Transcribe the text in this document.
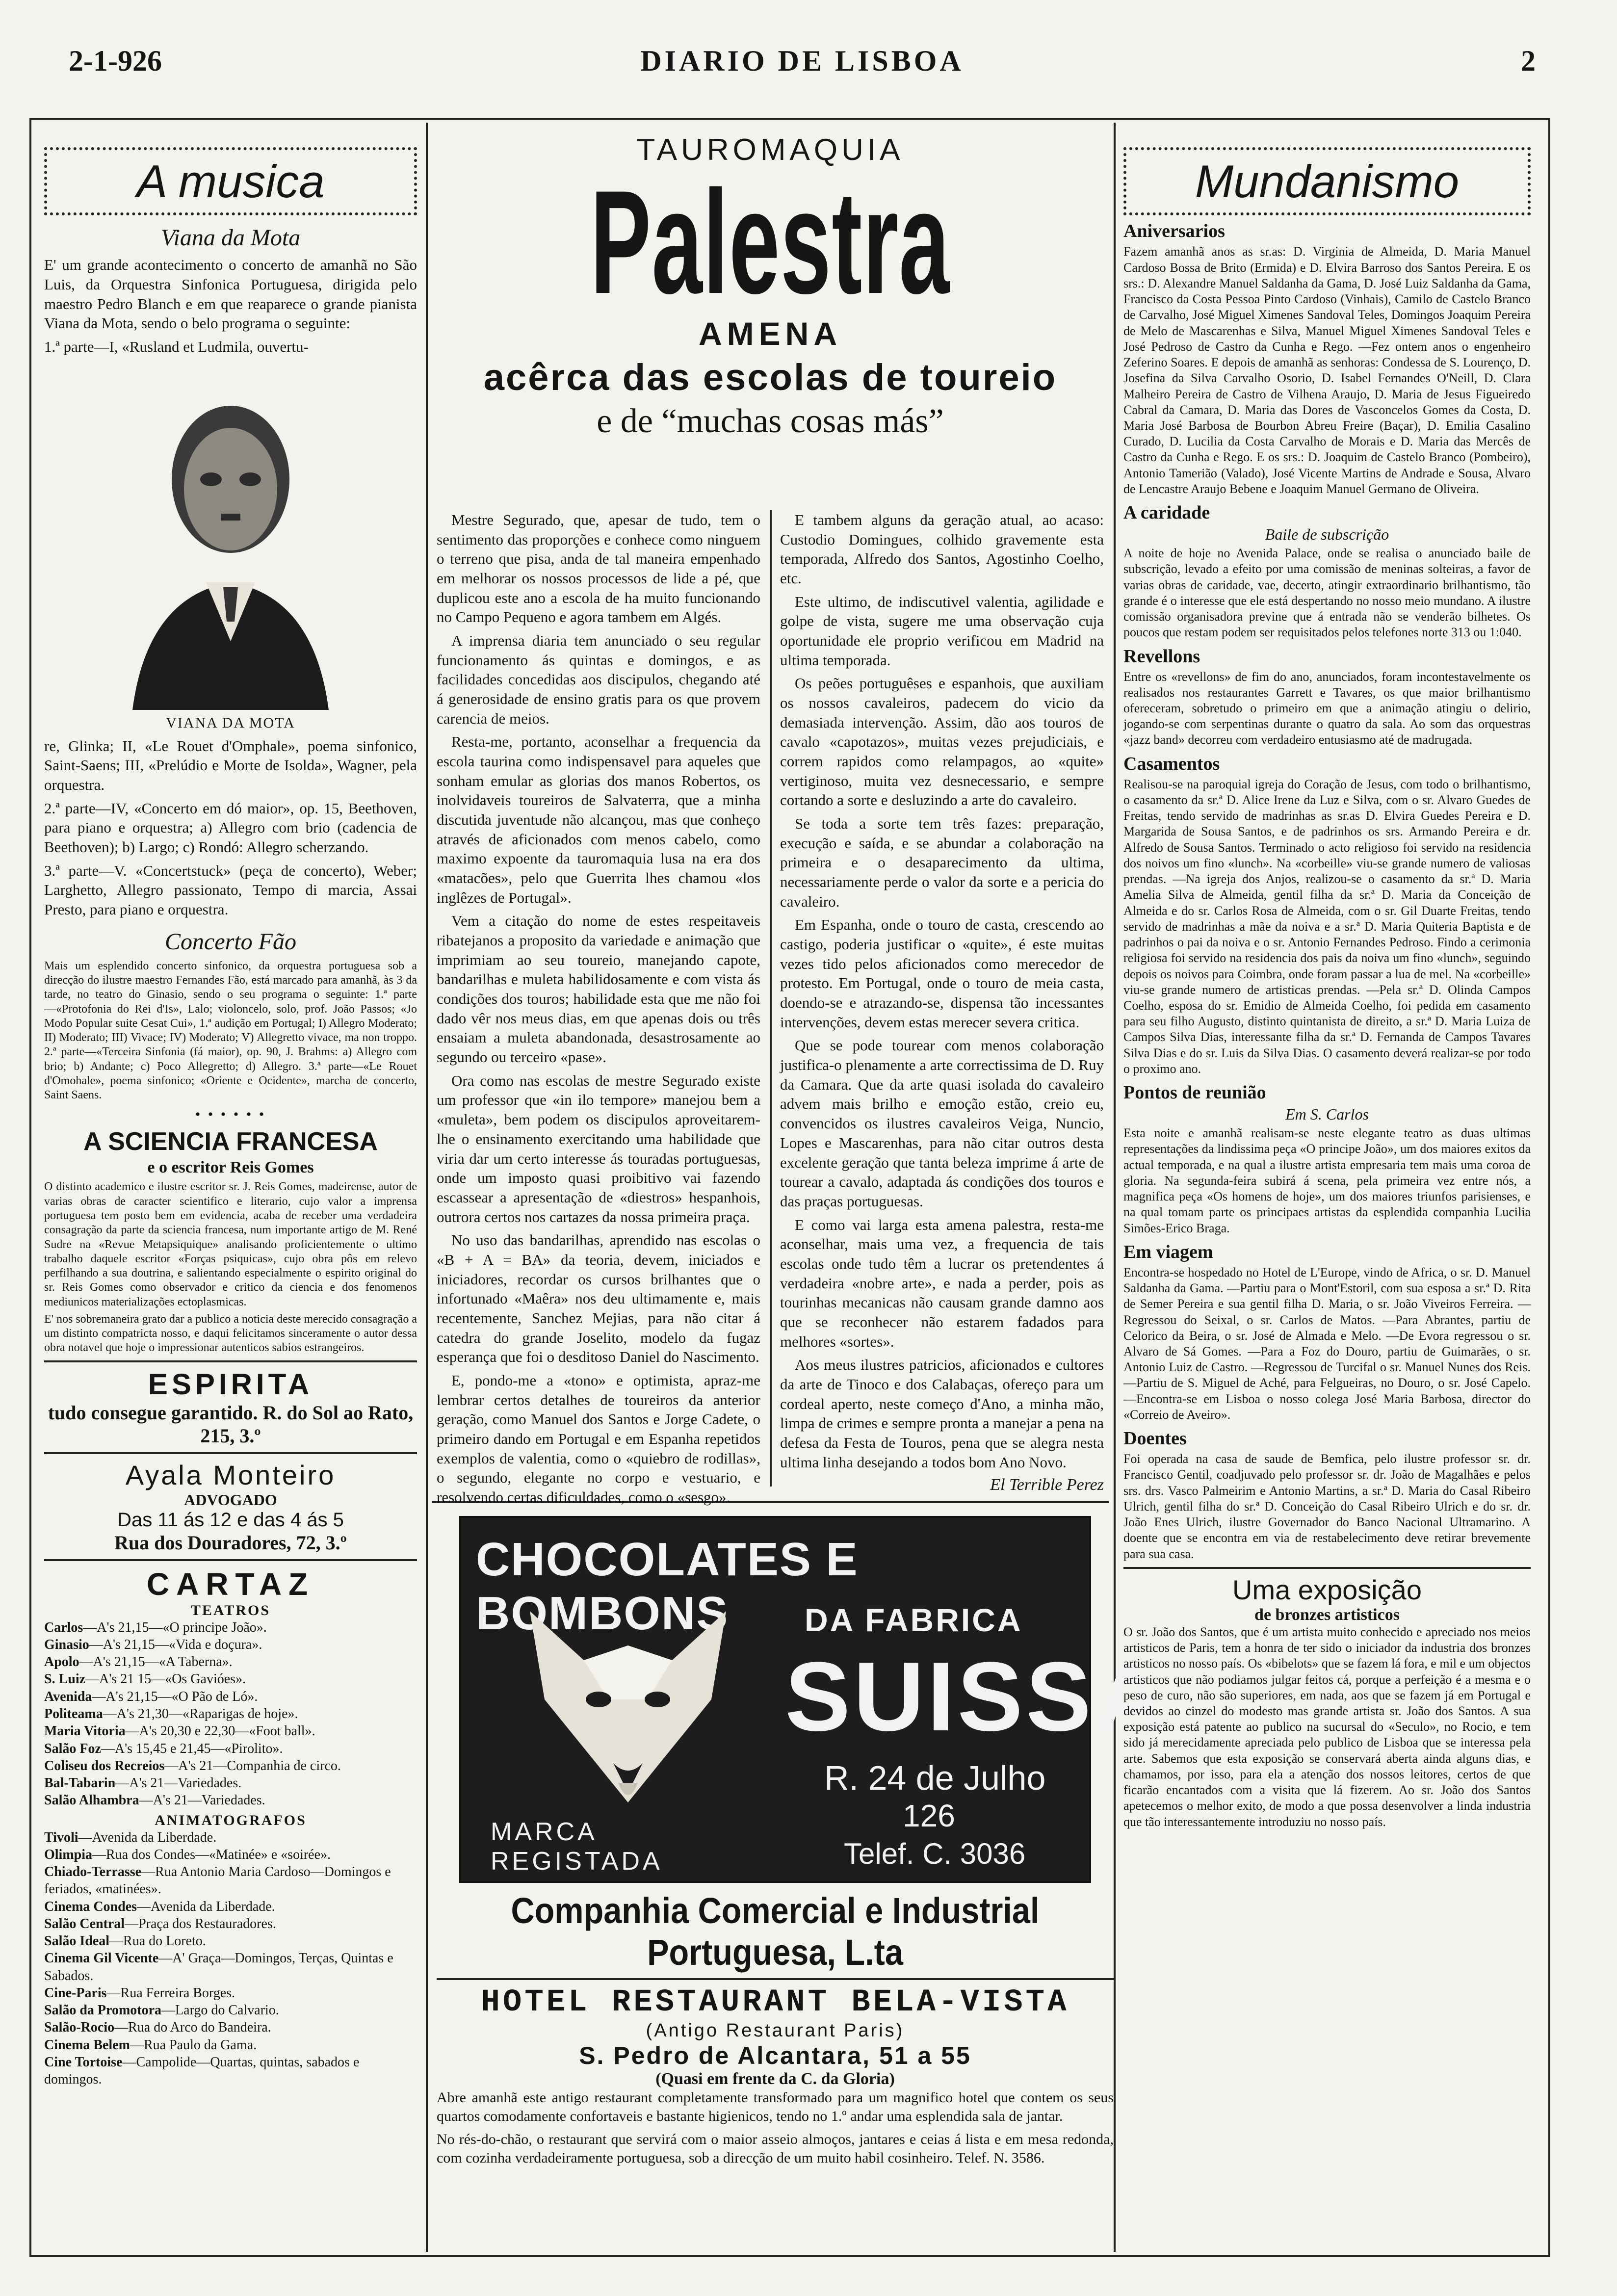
2-1-926	DIARIO DE LISBOA	2
A musica
Viana da Mota

E' um grande acontecimento o concerto de amanhã no São Luis, da Orquestra Sinfonica Portuguesa, dirigida pelo maestro Pedro Blanch e em que reaparece o grande pianista Viana da Mota, sendo o belo programa o seguinte:

1.ª parte—I, «Rusland et Ludmila, ouvertu-

VIANA DA MOTA

re, Glinka; II, «Le Rouet d'Omphale», poema sinfonico, Saint-Saens; III, «Prelúdio e Morte de Isolda», Wagner, pela orquestra.

2.ª parte—IV, «Concerto em dó maior», op. 15, Beethoven, para piano e orquestra; a) Allegro com brio (cadencia de Beethoven); b) Largo; c) Rondó: Allegro scherzando.

3.ª parte—V. «Concertstuck» (peça de concerto), Weber; Larghetto, Allegro passionato, Tempo di marcia, Assai Presto, para piano e orquestra.

Concerto Fão

Mais um esplendido concerto sinfonico, da orquestra portuguesa sob a direcção do ilustre maestro Fernandes Fão, está marcado para amanhã, às 3 da tarde, no teatro do Ginasio, sendo o seu programa o seguinte: 1.ª parte—«Protofonia do Rei d'Is», Lalo; violoncelo, solo, prof. João Passos; «Jo Modo Popular suite Cesat Cui», 1.ª audição em Portugal; I) Allegro Moderato; II) Moderato; III) Vivace; IV) Moderato; V) Allegretto vivace, ma non troppo. 2.ª parte—«Terceira Sinfonia (fá maior), op. 90, J. Brahms: a) Allegro com brio; b) Andante; c) Poco Allegretto; d) Allegro. 3.ª parte—«Le Rouet d'Omohale», poema sinfonico; «Oriente e Ocidente», marcha de concerto, Saint Saens.

• • • • • •
A SCIENCIA FRANCESA
e o escritor Reis Gomes

O distinto academico e ilustre escritor sr. J. Reis Gomes, madeirense, autor de varias obras de caracter scientifico e literario, cujo valor a imprensa portuguesa tem posto bem em evidencia, acaba de receber uma verdadeira consagração da parte da sciencia francesa, num importante artigo de M. René Sudre na «Revue Metapsiquique» analisando proficientemente o ultimo trabalho daquele escritor «Forças psiquicas», cujo obra pôs em relevo perfilhando a sua doutrina, e salientando especialmente o espirito original do sr. Reis Gomes como observador e critico da ciencia e dos fenomenos mediunicos materializações ectoplasmicas.

E' nos sobremaneira grato dar a publico a noticia deste merecido consagração a um distinto compatricta nosso, e daqui felicitamos sinceramente o autor dessa obra notavel que hoje o impressionar autenticos sabios estrangeiros.

ESPIRITA
tudo consegue garantido. R. do Sol ao Rato, 215, 3.º
Ayala Monteiro
ADVOGADO
Das 11 ás 12 e das 4 ás 5
Rua dos Douradores, 72, 3.º
CARTAZ
TEATROS
Carlos—A's 21,15—«O principe João».
Ginasio—A's 21,15—«Vida e doçura».
Apolo—A's 21,15—«A Taberna».
S. Luiz—A's 21 15—«Os Gavióes».
Avenida—A's 21,15—«O Pão de Ló».
Politeama—A's 21,30—«Raparigas de hoje».
Maria Vitoria—A's 20,30 e 22,30—«Foot ball».
Salão Foz—A's 15,45 e 21,45—«Pirolito».
Coliseu dos Recreios—A's 21—Companhia de circo.
Bal-Tabarin—A's 21—Variedades.
Salão Alhambra—A's 21—Variedades.
ANIMATOGRAFOS
Tivoli—Avenida da Liberdade.
Olimpia—Rua dos Condes—«Matinée» e «soirée».
Chiado-Terrasse—Rua Antonio Maria Cardoso—Domingos e feriados, «matinées».
Cinema Condes—Avenida da Liberdade.
Salão Central—Praça dos Restauradores.
Salão Ideal—Rua do Loreto.
Cinema Gil Vicente—A' Graça—Domingos, Terças, Quintas e Sabados.
Cine-Paris—Rua Ferreira Borges.
Salão da Promotora—Largo do Calvario.
Salão-Rocio—Rua do Arco do Bandeira.
Cinema Belem—Rua Paulo da Gama.
Cine Tortoise—Campolide—Quartas, quintas, sabados e domingos.
TAUROMAQUIA
Palestra
AMENA
acêrca das escolas de toureio
e de “muchas cosas más”

Mestre Segurado, que, apesar de tudo, tem o sentimento das proporções e conhece como ninguem o terreno que pisa, anda de tal maneira empenhado em melhorar os nossos processos de lide a pé, que duplicou este ano a escola de ha muito funcionando no Campo Pequeno e agora tambem em Algés.

A imprensa diaria tem anunciado o seu regular funcionamento ás quintas e domingos, e as facilidades concedidas aos discipulos, chegando até á generosidade de ensino gratis para os que provem carencia de meios.

Resta-me, portanto, aconselhar a frequencia da escola taurina como indispensavel para aqueles que sonham emular as glorias dos manos Robertos, os inolvidaveis toureiros de Salvaterra, que a minha discutida juventude não alcançou, mas que conheço através de aficionados com menos cabelo, como maximo expoente da tauromaquia lusa na era dos «matacões», pelo que Guerrita lhes chamou «los inglêzes de Portugal».

Vem a citação do nome de estes respeitaveis ribatejanos a proposito da variedade e animação que imprimiam ao seu toureio, manejando capote, bandarilhas e muleta habilidosamente e com vista ás condições dos touros; habilidade esta que me não foi dado vêr nos meus dias, em que apenas dois ou três ensaiam a muleta abandonada, desastrosamente ao segundo ou terceiro «pase».

Ora como nas escolas de mestre Segurado existe um professor que «in ilo tempore» manejou bem a «muleta», bem podem os discipulos aproveitarem-lhe o ensinamento exercitando uma habilidade que viria dar um certo interesse ás touradas portuguesas, onde um imposto quasi proibitivo vai fazendo escassear a apresentação de «diestros» hespanhois, outrora certos nos cartazes da nossa primeira praça.

No uso das bandarilhas, aprendido nas escolas o «B + A = BA» da teoria, devem, iniciados e iniciadores, recordar os cursos brilhantes que o infortunado «Maêra» nos deu ultimamente e, mais recentemente, Sanchez Mejias, para não citar á catedra do grande Joselito, modelo da fugaz esperança que foi o desditoso Daniel do Nascimento.

E, pondo-me a «tono» e optimista, apraz-me lembrar certos detalhes de toureiros da anterior geração, como Manuel dos Santos e Jorge Cadete, o primeiro dando em Portugal e em Espanha repetidos exemplos de valentia, como o «quiebro de rodillas», o segundo, elegante no corpo e vestuario, e resolvendo certas dificuldades, como o «sesgo».

E tambem alguns da geração atual, ao acaso: Custodio Domingues, colhido gravemente esta temporada, Alfredo dos Santos, Agostinho Coelho, etc.

Este ultimo, de indiscutivel valentia, agilidade e golpe de vista, sugere me uma observação cuja oportunidade ele proprio verificou em Madrid na ultima temporada.

Os peões portuguêses e espanhois, que auxiliam os nossos cavaleiros, padecem do vicio da demasiada intervenção. Assim, dão aos touros de cavalo «capotazos», muitas vezes prejudiciais, e correm rapidos como relampagos, ao «quite» vertiginoso, muita vez desnecessario, e sempre cortando a sorte e desluzindo a arte do cavaleiro.

Se toda a sorte tem três fazes: preparação, execução e saída, e se abundar a colaboração na primeira e o desaparecimento da ultima, necessariamente perde o valor da sorte e a pericia do cavaleiro.

Em Espanha, onde o touro de casta, crescendo ao castigo, poderia justificar o «quite», é este muitas vezes tido pelos aficionados como merecedor de protesto. Em Portugal, onde o touro de meia casta, doendo-se e atrazando-se, dispensa tão incessantes intervenções, devem estas merecer severa critica.

Que se pode tourear com menos colaboração justifica-o plenamente a arte correctissima de D. Ruy da Camara. Que da arte quasi isolada do cavaleiro advem mais brilho e emoção estão, creio eu, convencidos os ilustres cavaleiros Veiga, Nuncio, Lopes e Mascarenhas, para não citar outros desta excelente geração que tanta beleza imprime á arte de tourear a cavalo, adaptada ás condições dos touros e das praças portuguesas.

E como vai larga esta amena palestra, resta-me aconselhar, mais uma vez, a frequencia de tais escolas onde tudo têm a lucrar os pretendentes á verdadeira «nobre arte», e nada a perder, pois as tourinhas mecanicas não causam grande damno aos que se reconhecer não estarem fadados para melhores «sortes».

Aos meus ilustres patricios, aficionados e cultores da arte de Tinoco e dos Calabaças, ofereço para um cordeal aperto, neste começo d'Ano, a minha mão, limpa de crimes e sempre pronta a manejar a pena na defesa da Festa de Touros, pena que se alegra nesta ultima linha desejando a todos bom Ano Novo.

El Terrible Perez
CHOCOLATES E BOMBONS	DA FABRICA
SUISSA
R. 24 de Julho
126
Telef. C. 3036
MARCA
REGISTADA
Companhia Comercial e Industrial Portuguesa, L.ta
HOTEL RESTAURANT BELA-VISTA
(Antigo Restaurant Paris)
S. Pedro de Alcantara, 51 a 55
(Quasi em frente da C. da Gloria)

Abre amanhã este antigo restaurant completamente transformado para um magnifico hotel que contem os seus quartos comodamente confortaveis e bastante higienicos, tendo no 1.º andar uma esplendida sala de jantar.

No rés-do-chão, o restaurant que servirá com o maior asseio almoços, jantares e ceias á lista e em mesa redonda, com cozinha verdadeiramente portuguesa, sob a direcção de um muito habil cosinheiro. Telef. N. 3586.

Mundanismo
Aniversarios

Fazem amanhã anos as sr.as: D. Virginia de Almeida, D. Maria Manuel Cardoso Bossa de Brito (Ermida) e D. Elvira Barroso dos Santos Pereira. E os srs.: D. Alexandre Manuel Saldanha da Gama, D. José Luiz Saldanha da Gama, Francisco da Costa Pessoa Pinto Cardoso (Vinhais), Camilo de Castelo Branco de Carvalho, José Miguel Ximenes Sandoval Teles, Domingos Joaquim Pereira de Melo de Mascarenhas e Silva, Manuel Miguel Ximenes Sandoval Teles e José Pedroso de Castro da Cunha e Rego. —Fez ontem anos o engenheiro Zeferino Soares. E depois de amanhã as senhoras: Condessa de S. Lourenço, D. Josefina da Silva Carvalho Osorio, D. Isabel Fernandes O'Neill, D. Clara Malheiro Pereira de Castro de Vilhena Araujo, D. Maria de Jesus Figueiredo Cabral da Camara, D. Maria das Dores de Vasconcelos Gomes da Costa, D. Maria José Barbosa de Bourbon Abreu Freire (Baçar), D. Emilia Casalino Curado, D. Lucilia da Costa Carvalho de Morais e D. Maria das Mercês de Castro da Cunha e Rego. E os srs.: D. Joaquim de Castelo Branco (Pombeiro), Antonio Tamerião (Valado), José Vicente Martins de Andrade e Sousa, Alvaro de Lencastre Araujo Bebene e Joaquim Manuel Germano de Oliveira.

A caridade
Baile de subscrição

A noite de hoje no Avenida Palace, onde se realisa o anunciado baile de subscrição, levado a efeito por uma comissão de meninas solteiras, a favor de varias obras de caridade, vae, decerto, atingir extraordinario brilhantismo, tão grande é o interesse que ele está despertando no nosso meio mundano. A ilustre comissão organisadora previne que á entrada não se venderão bilhetes. Os poucos que restam podem ser requisitados pelos telefones norte 313 ou 1:040.

Revellons

Entre os «revellons» de fim do ano, anunciados, foram incontestavelmente os realisados nos restaurantes Garrett e Tavares, os que maior brilhantismo ofereceram, sobretudo o primeiro em que a animação atingiu o delirio, jogando-se com serpentinas durante o quatro da sala. Ao som das orquestras «jazz band» decorreu com verdadeiro entusiasmo até de madrugada.

Casamentos

Realisou-se na paroquial igreja do Coração de Jesus, com todo o brilhantismo, o casamento da sr.ª D. Alice Irene da Luz e Silva, com o sr. Alvaro Guedes de Freitas, tendo servido de madrinhas as sr.as D. Elvira Guedes Pereira e D. Margarida de Sousa Santos, e de padrinhos os srs. Armando Pereira e dr. Alfredo de Sousa Santos. Terminado o acto religioso foi servido na residencia dos noivos um fino «lunch». Na «corbeille» viu-se grande numero de valiosas prendas. —Na igreja dos Anjos, realizou-se o casamento da sr.ª D. Maria Amelia Silva de Almeida, gentil filha da sr.ª D. Maria da Conceição de Almeida e do sr. Carlos Rosa de Almeida, com o sr. Gil Duarte Freitas, tendo servido de madrinhas a mãe da noiva e a sr.ª D. Maria Quiteria Baptista e de padrinhos o pai da noiva e o sr. Antonio Fernandes Pedroso. Findo a cerimonia religiosa foi servido na residencia dos pais da noiva um fino «lunch», seguindo depois os noivos para Coimbra, onde foram passar a lua de mel. Na «corbeille» viu-se grande numero de artisticas prendas. —Pela sr.ª D. Olinda Campos Coelho, esposa do sr. Emidio de Almeida Coelho, foi pedida em casamento para seu filho Augusto, distinto quintanista de direito, a sr.ª D. Maria Luiza de Campos Silva Dias, interessante filha da sr.ª D. Fernanda de Campos Tavares Silva Dias e do sr. Luis da Silva Dias. O casamento deverá realizar-se por todo o proximo ano.

Pontos de reunião
Em S. Carlos

Esta noite e amanhã realisam-se neste elegante teatro as duas ultimas representações da lindissima peça «O principe João», um dos maiores exitos da actual temporada, e na qual a ilustre artista empresaria tem mais uma coroa de gloria. Na segunda-feira subirá á scena, pela primeira vez entre nós, a magnifica peça «Os homens de hoje», um dos maiores triunfos parisienses, e na qual tomam parte os principaes artistas da esplendida companhia Lucilia Simões-Erico Braga.

Em viagem

Encontra-se hospedado no Hotel de L'Europe, vindo de Africa, o sr. D. Manuel Saldanha da Gama. —Partiu para o Mont'Estoril, com sua esposa a sr.ª D. Rita de Semer Pereira e sua gentil filha D. Maria, o sr. João Viveiros Ferreira. —Regressou do Seixal, o sr. Carlos de Matos. —Para Abrantes, partiu de Celorico da Beira, o sr. José de Almada e Melo. —De Evora regressou o sr. Alvaro de Sá Gomes. —Para a Foz do Douro, partiu de Guimarães, o sr. Antonio Luiz de Castro. —Regressou de Turcifal o sr. Manuel Nunes dos Reis. —Partiu de S. Miguel de Aché, para Felgueiras, no Douro, o sr. José Capelo. —Encontra-se em Lisboa o nosso colega José Maria Barbosa, director do «Correio de Aveiro».

Doentes

Foi operada na casa de saude de Bemfica, pelo ilustre professor sr. dr. Francisco Gentil, coadjuvado pelo professor sr. dr. João de Magalhães e pelos srs. drs. Vasco Palmeirim e Antonio Martins, a sr.ª D. Maria do Casal Ribeiro Ulrich, gentil filha do sr.ª D. Conceição do Casal Ribeiro Ulrich e do sr. dr. João Enes Ulrich, ilustre Governador do Banco Nacional Ultramarino. A doente que se encontra em via de restabelecimento deve retirar brevemente para sua casa.

Uma exposição
de bronzes artisticos

O sr. João dos Santos, que é um artista muito conhecido e apreciado nos meios artisticos de Paris, tem a honra de ter sido o iniciador da industria dos bronzes artisticos no nosso país. Os «bibelots» que se fazem lá fora, e mil e um objectos artisticos que não podiamos julgar feitos cá, porque a perfeição é a mesma e o peso de curo, não são superiores, em nada, aos que se fazem já em Portugal e devidos ao cinzel do modesto mas grande artista sr. João dos Santos. A sua exposição está patente ao publico na sucursal do «Seculo», no Rocio, e tem sido já merecidamente apreciada pelo publico de Lisboa que se interessa pela arte. Sabemos que esta exposição se conservará aberta ainda alguns dias, e chamamos, por isso, para ela a atenção dos nossos leitores, certos de que ficarão encantados com a visita que lá fizerem. Ao sr. João dos Santos apetecemos o melhor exito, de modo a que possa desenvolver a linda industria que tão interessantemente introduziu no nosso país.
